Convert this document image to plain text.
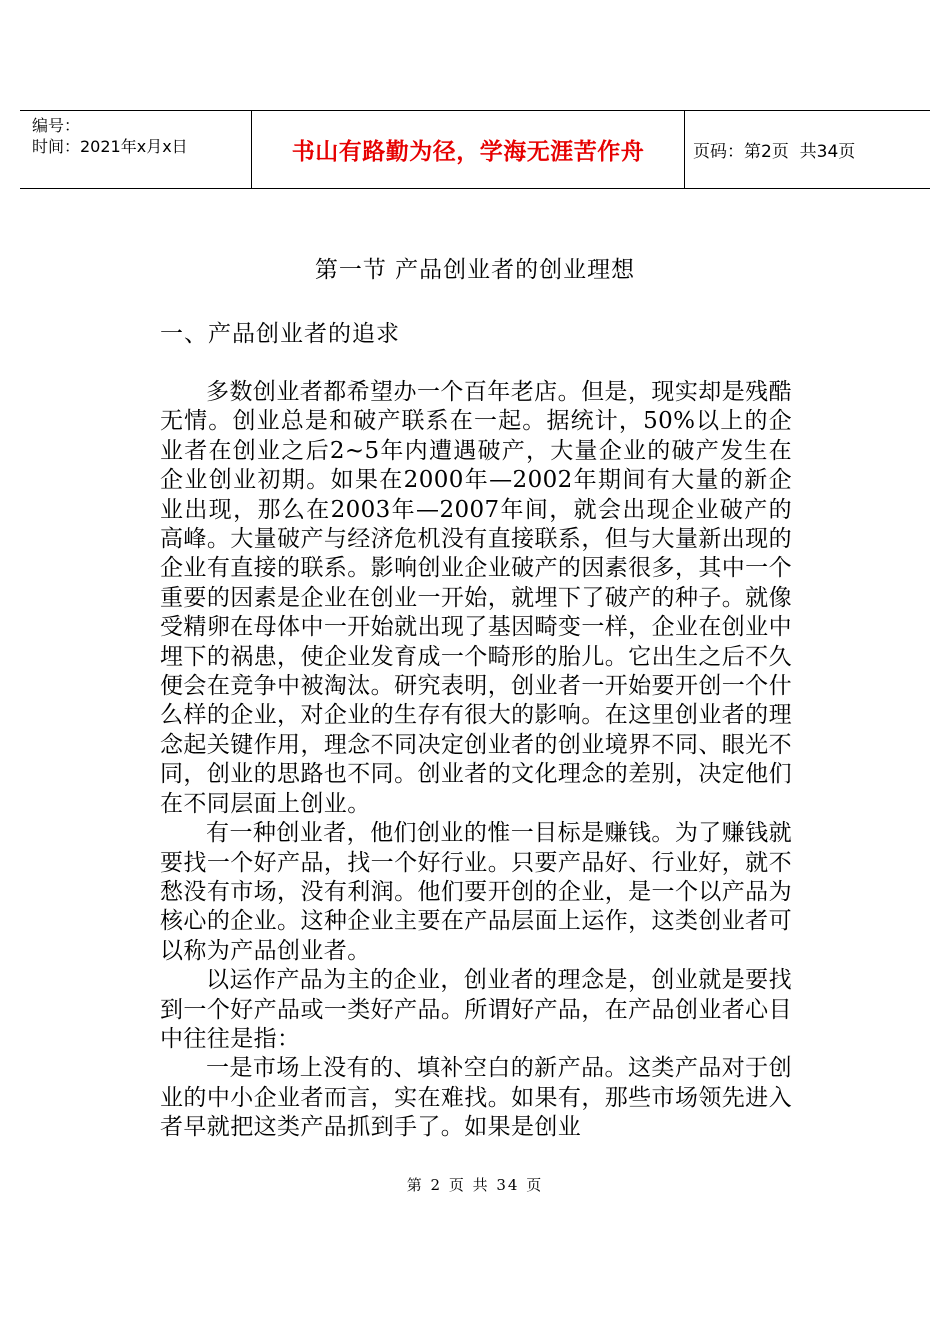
编号：
时间：2021年x月x日	书山有路勤为径，学海无涯苦作舟	页码：第2页  共34页
第一节 产品创业者的创业理想
一、产品创业者的追求

多数创业者都希望办一个百年老店。但是，现实却是残酷无情。创业总是和破产联系在一起。据统计，50%以上的企业者在创业之后2~5年内遭遇破产，大量企业的破产发生在企业创业初期。如果在2000年—2002年期间有大量的新企业出现，那么在2003年—2007年间，就会出现企业破产的高峰。大量破产与经济危机没有直接联系，但与大量新出现的企业有直接的联系。影响创业企业破产的因素很多，其中一个重要的因素是企业在创业一开始，就埋下了破产的种子。就像受精卵在母体中一开始就出现了基因畸变一样，企业在创业中埋下的祸患，使企业发育成一个畸形的胎儿。它出生之后不久便会在竞争中被淘汰。研究表明，创业者一开始要开创一个什么样的企业，对企业的生存有很大的影响。在这里创业者的理念起关键作用，理念不同决定创业者的创业境界不同、眼光不同，创业的思路也不同。创业者的文化理念的差别，决定他们在不同层面上创业。

有一种创业者，他们创业的惟一目标是赚钱。为了赚钱就要找一个好产品，找一个好行业。只要产品好、行业好，就不愁没有市场，没有利润。他们要开创的企业，是一个以产品为核心的企业。这种企业主要在产品层面上运作，这类创业者可以称为产品创业者。

以运作产品为主的企业，创业者的理念是，创业就是要找到一个好产品或一类好产品。所谓好产品，在产品创业者心目中往往是指：

一是市场上没有的、填补空白的新产品。这类产品对于创业的中小企业者而言，实在难找。如果有，那些市场领先进入者早就把这类产品抓到手了。如果是创业

第 2 页 共 34 页
